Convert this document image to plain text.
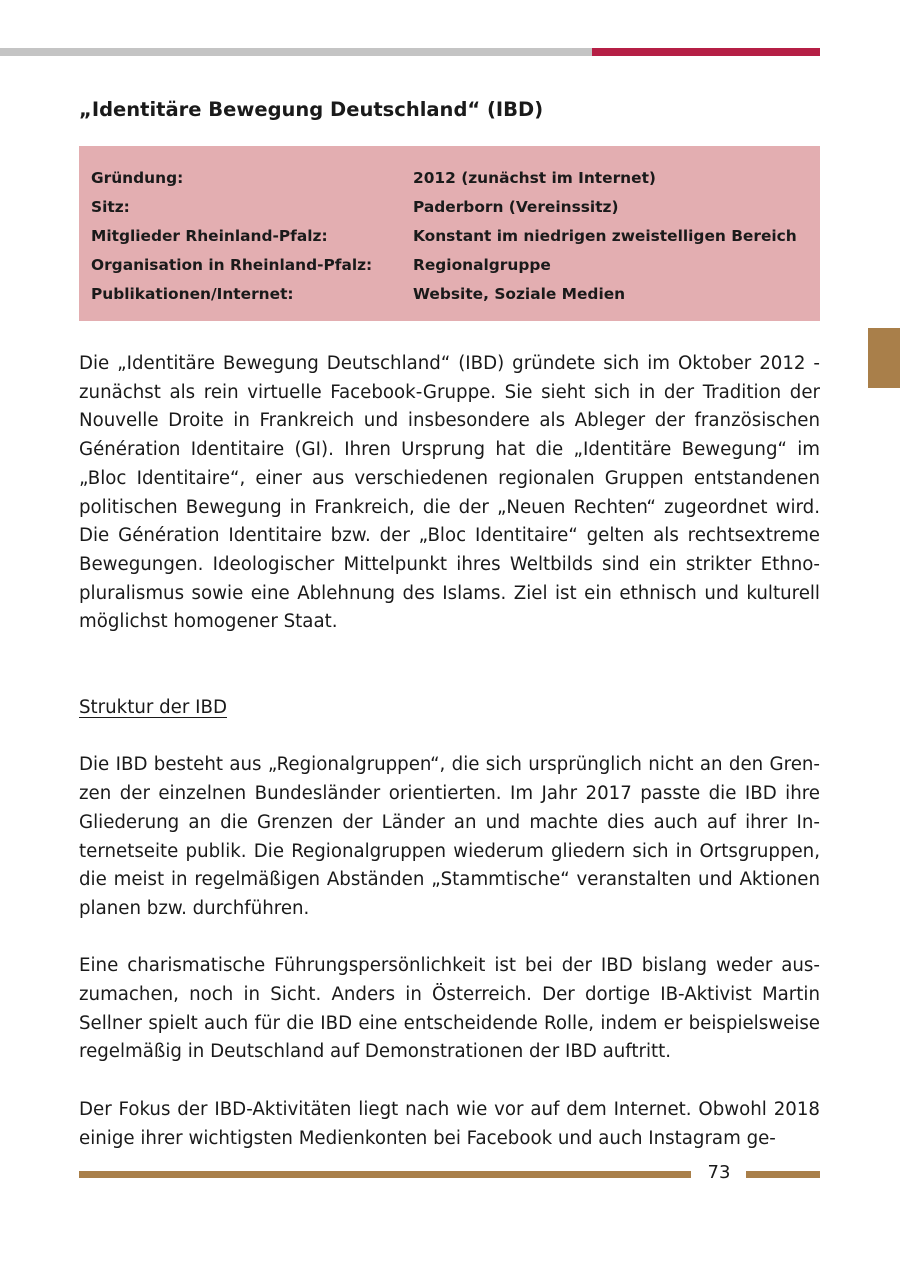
„Identitäre Bewegung Deutschland“ (IBD)
Gründung:	2012 (zunächst im Internet)
Sitz:	Paderborn (Vereinssitz)
Mitglieder Rheinland-Pfalz:	Konstant im niedrigen zweistelligen Bereich
Organisation in Rheinland-Pfalz:	Regionalgruppe
Publikationen/Internet:	Website, Soziale Medien

Die „Identitäre Bewegung Deutschland“ (IBD) gründete sich im Oktober 2012 - zunächst als rein virtuelle Facebook-Gruppe. Sie sieht sich in der Tradition der Nouvelle Droite in Frankreich und insbesondere als Ableger der französischen Génération Identitaire (GI). Ihren Ursprung hat die „Identitäre Bewegung“ im „Bloc Identitaire“, einer aus verschiedenen regionalen Gruppen entstandenen politischen Bewegung in Frankreich, die der „Neuen Rechten“ zugeordnet wird. Die Génération Identitaire bzw. der „Bloc Identitaire“ gelten als rechtsextreme Bewegungen. Ideologischer Mittelpunkt ihres Weltbilds sind ein strikter Ethnopluralismus sowie eine Ablehnung des Islams. Ziel ist ein ethnisch und kulturell möglichst homogener Staat.

Struktur der IBD

Die IBD besteht aus „Regionalgruppen“, die sich ursprünglich nicht an den Grenzen der einzelnen Bundesländer orientierten. Im Jahr 2017 passte die IBD ihre Gliederung an die Grenzen der Länder an und machte dies auch auf ihrer Internetseite publik. Die Regionalgruppen wiederum gliedern sich in Ortsgruppen, die meist in regelmäßigen Abständen „Stammtische“ veranstalten und Aktionen planen bzw. durchführen.

Eine charismatische Führungspersönlichkeit ist bei der IBD bislang weder auszumachen, noch in Sicht. Anders in Österreich. Der dortige IB-Aktivist Martin Sellner spielt auch für die IBD eine entscheidende Rolle, indem er beispielsweise regelmäßig in Deutschland auf Demonstrationen der IBD auftritt.

Der Fokus der IBD-Aktivitäten liegt nach wie vor auf dem Internet. Obwohl 2018 einige ihrer wichtigsten Medienkonten bei Facebook und auch Instagram ge-

73
